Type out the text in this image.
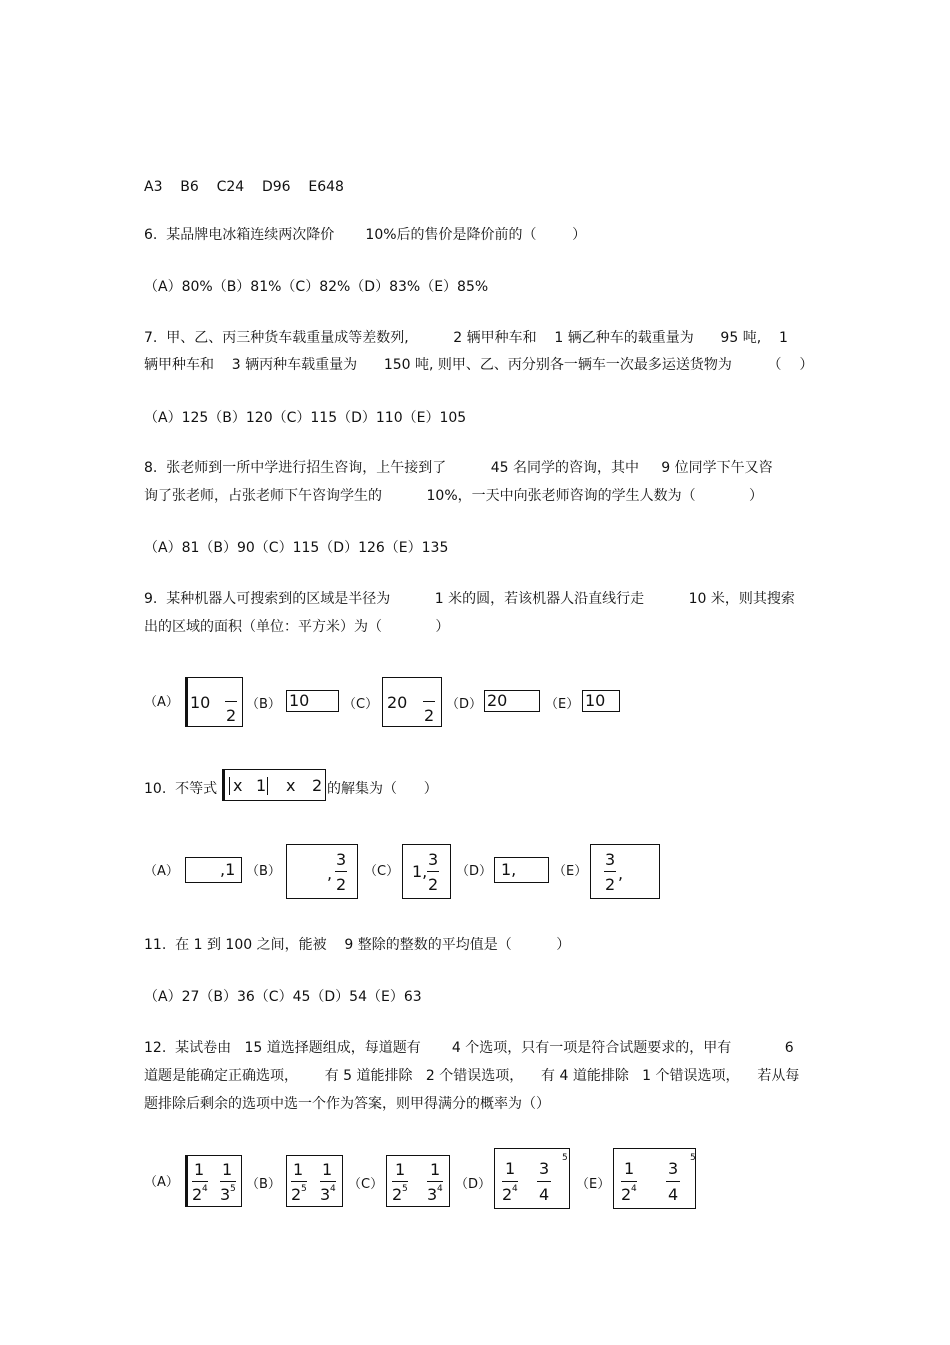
A3    B6    C24    D96    E648
6.  某品牌电冰箱连续两次降价       10%后的售价是降价前的（        ）
（A）80%（B）81%（C）82%（D）83%（E）85%
7.  甲、乙、丙三种货车载重量成等差数列,          2 辆甲种车和    1 辆乙种车的载重量为      95 吨,    1
辆甲种车和    3 辆丙种车载重量为      150 吨, 则甲、乙、丙分别各一辆车一次最多运送货物为        （    ）
（A）125（B）120（C）115（D）110（E）105
8.  张老师到一所中学进行招生咨询，上午接到了          45 名同学的咨询，其中     9 位同学下午又咨
询了张老师，占张老师下午咨询学生的          10%，一天中向张老师咨询的学生人数为（            ）
（A）81（B）90（C）115（D）126（E）135
9.  某种机器人可搜索到的区域是半径为          1 米的圆，若该机器人沿直线行走          10 米，则其搜索
出的区域的面积（单位：平方米）为（            ）
（A） 10
2
（B） 10	（C） 20
2
（D） 20	（E） 10
10.  不等式 x 1 x 2 的解集为（      ）
（A）	,1 （B）	,
3
2
（C） 1,
3
2
（D） 1,	（E）
3
2
,
11.  在 1 到 100 之间，能被    9 整除的整数的平均值是（          ）
（A）27（B）36（C）45（D）54（E）63
12.  某试卷由   15 道选择题组成，每道题有       4 个选项，只有一项是符合试题要求的，甲有            6
道题是能确定正确选项，      有 5 道能排除   2 个错误选项，    有 4 道能排除   1 个错误选项，    若从每
题排除后剩余的选项中选一个作为答案，则甲得满分的概率为（）
（A）
1
2 4
1
3 5 （B）
1
2 5
1
3 4 （C）
1
2 5
1
3 4 （D）
1
2 4
3
4
5
（E）
1
2 4
3
4
5
